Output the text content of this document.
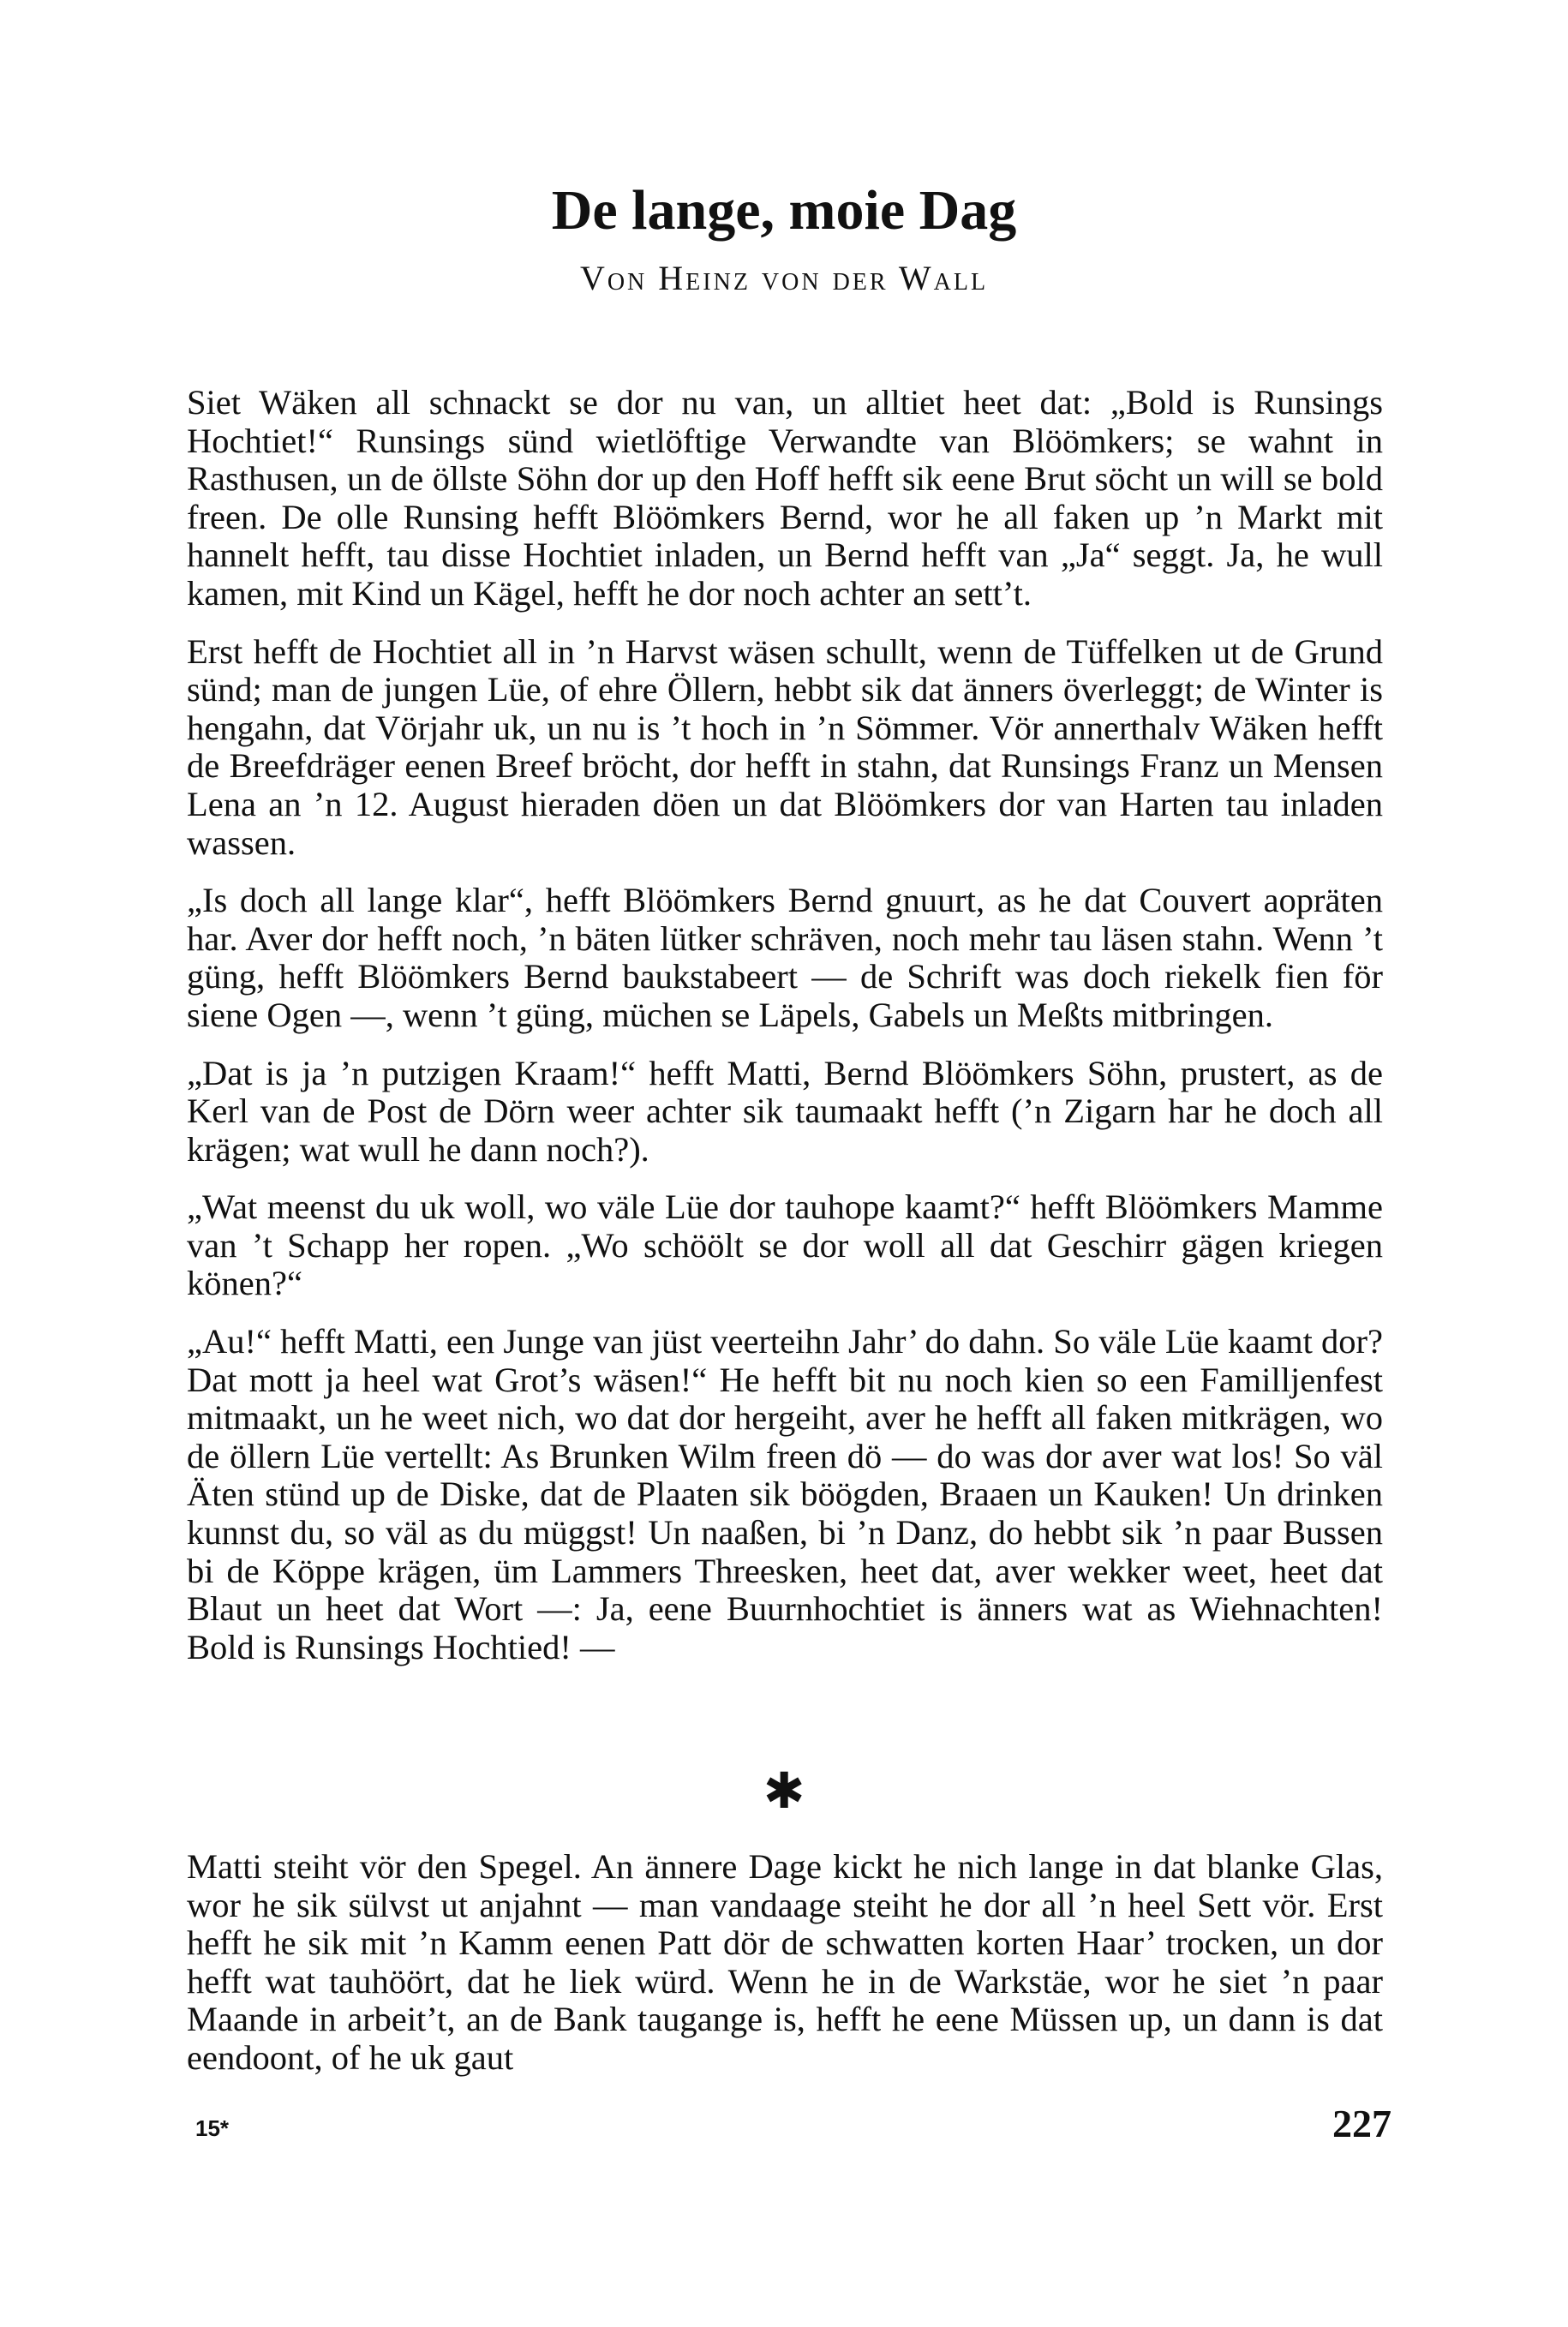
De lange, moie Dag

Von Heinz von der Wall

Siet Wäken all schnackt se dor nu van, un alltiet heet dat: „Bold is Runsings Hochtiet!“ Runsings sünd wietlöftige Verwandte van Blöömkers; se wahnt in Rasthusen, un de öllste Söhn dor up den Hoff hefft sik eene Brut söcht un will se bold freen. De olle Runsing hefft Blöömkers Bernd, wor he all faken up ’n Markt mit hannelt hefft, tau disse Hochtiet inladen, un Bernd hefft van „Ja“ seggt. Ja, he wull kamen, mit Kind un Kägel, hefft he dor noch achter an sett’t.

Erst hefft de Hochtiet all in ’n Harvst wäsen schullt, wenn de Tüffelken ut de Grund sünd; man de jungen Lüe, of ehre Öllern, hebbt sik dat änners överleggt; de Winter is hengahn, dat Vörjahr uk, un nu is ’t hoch in ’n Sömmer. Vör annerthalv Wäken hefft de Breefdräger eenen Breef bröcht, dor hefft in stahn, dat Runsings Franz un Mensen Lena an ’n 12. August hieraden döen un dat Blöömkers dor van Harten tau inladen wassen.

„Is doch all lange klar“, hefft Blöömkers Bernd gnuurt, as he dat Couvert aopräten har. Aver dor hefft noch, ’n bäten lütker schräven, noch mehr tau läsen stahn. Wenn ’t güng, hefft Blöömkers Bernd baukstabeert — de Schrift was doch riekelk fien för siene Ogen —, wenn ’t güng, müchen se Läpels, Gabels un Meßts mitbringen.

„Dat is ja ’n putzigen Kraam!“ hefft Matti, Bernd Blöömkers Söhn, prustert, as de Kerl van de Post de Dörn weer achter sik taumaakt hefft (’n Zigarn har he doch all krägen; wat wull he dann noch?).

„Wat meenst du uk woll, wo väle Lüe dor tauhope kaamt?“ hefft Blöömkers Mamme van ’t Schapp her ropen. „Wo schöölt se dor woll all dat Geschirr gägen kriegen könen?“

„Au!“ hefft Matti, een Junge van jüst veerteihn Jahr’ do dahn. So väle Lüe kaamt dor? Dat mott ja heel wat Grot’s wäsen!“ He hefft bit nu noch kien so een Familljenfest mitmaakt, un he weet nich, wo dat dor hergeiht, aver he hefft all faken mitkrägen, wo de öllern Lüe vertellt: As Brunken Wilm freen dö — do was dor aver wat los! So väl Äten stünd up de Diske, dat de Plaaten sik böögden, Braaen un Kauken! Un drinken kunnst du, so väl as du müggst! Un naaßen, bi ’n Danz, do hebbt sik ’n paar Bussen bi de Köppe krägen, üm Lammers Threesken, heet dat, aver wekker weet, heet dat Blaut un heet dat Wort —: Ja, eene Buurnhochtiet is änners wat as Wiehnachten! Bold is Runsings Hochtied! —

✱

Matti steiht vör den Spegel. An ännere Dage kickt he nich lange in dat blanke Glas, wor he sik sülvst ut anjahnt — man vandaage steiht he dor all ’n heel Sett vör. Erst hefft he sik mit ’n Kamm eenen Patt dör de schwatten korten Haar’ trocken, un dor hefft wat tauhöört, dat he liek würd. Wenn he in de Warkstäe, wor he siet ’n paar Maande in arbeit’t, an de Bank taugange is, hefft he eene Müssen up, un dann is dat eendoont, of he uk gaut

15*	227
